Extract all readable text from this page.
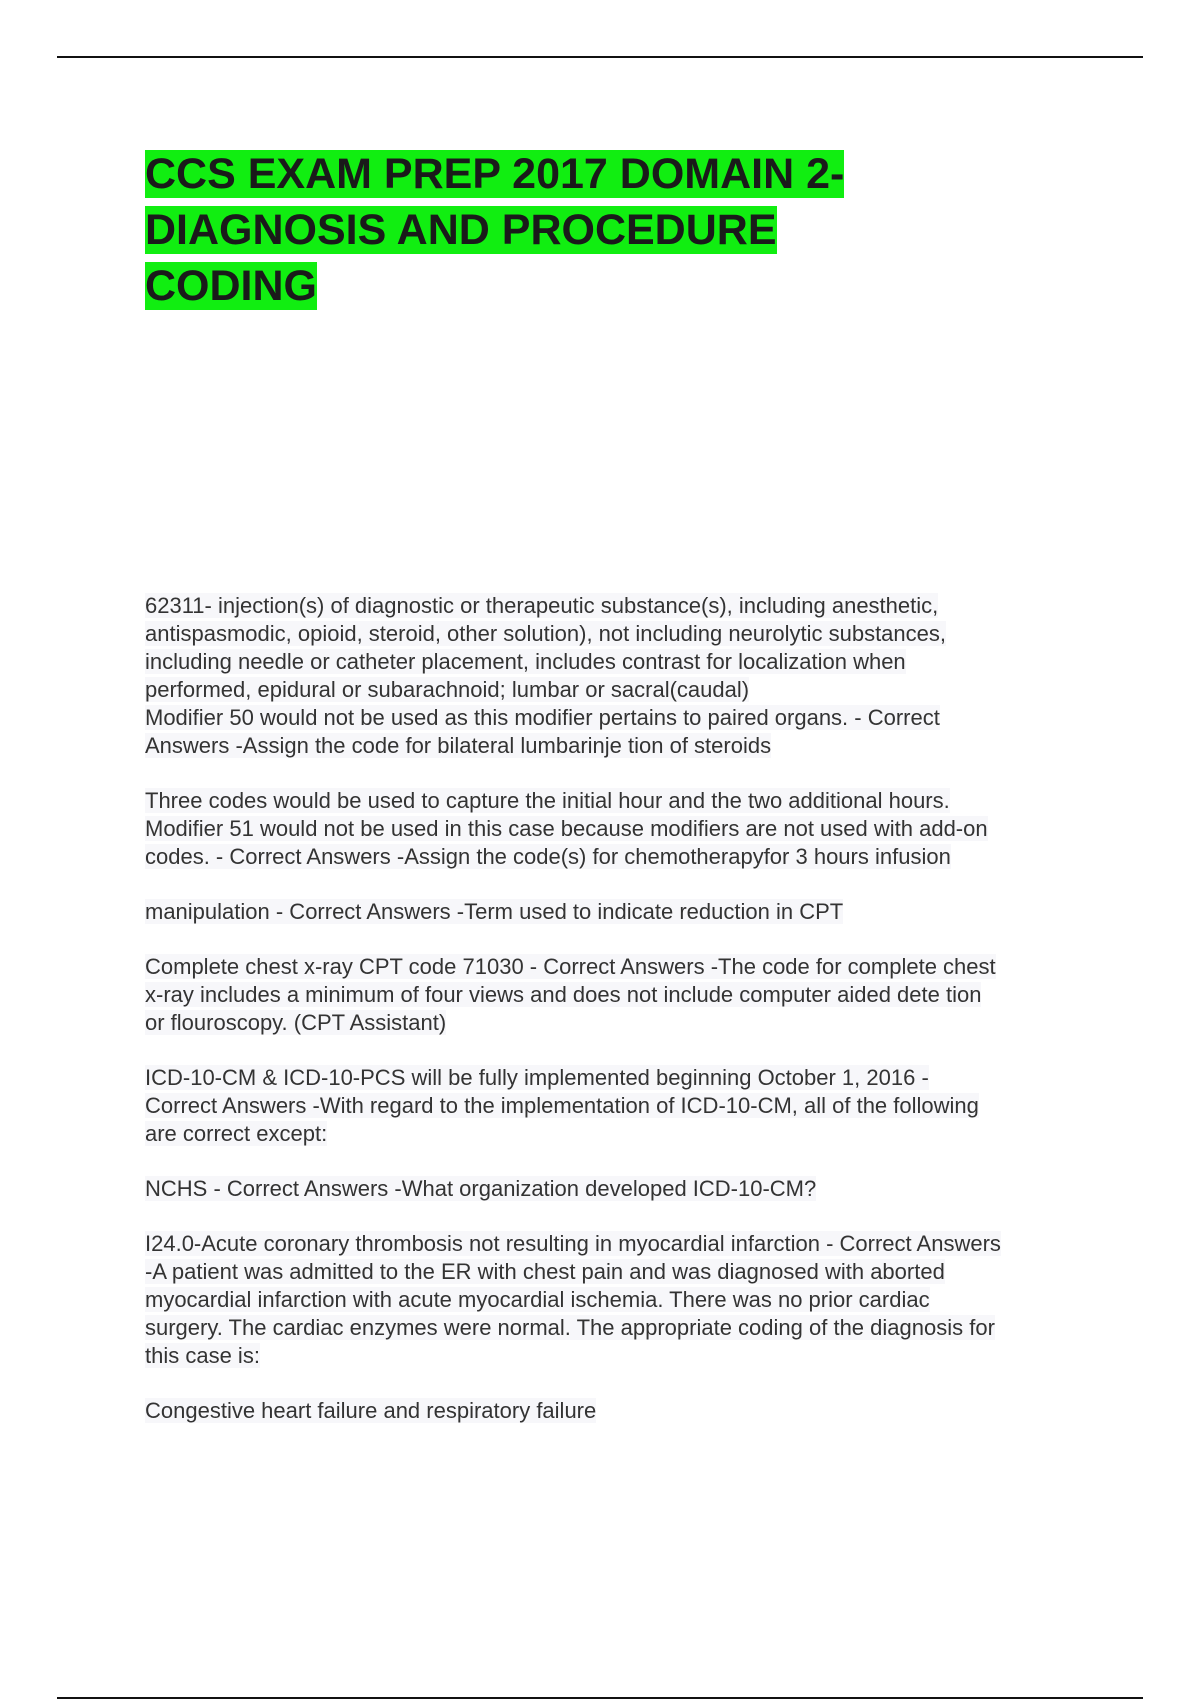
CCS EXAM PREP 2017 DOMAIN 2-
DIAGNOSIS AND PROCEDURE
CODING

62311- injection(s) of diagnostic or therapeutic substance(s), including anesthetic,
antispasmodic, opioid, steroid, other solution), not including neurolytic substances,
including needle or catheter placement, includes contrast for localization when
performed, epidural or subarachnoid; lumbar or sacral(caudal)
Modifier 50 would not be used as this modifier pertains to paired organs. - Correct
Answers -Assign the code for bilateral lumbarinje tion of steroids

Three codes would be used to capture the initial hour and the two additional hours.
Modifier 51 would not be used in this case because modifiers are not used with add-on
codes. - Correct Answers -Assign the code(s) for chemotherapyfor 3 hours infusion

manipulation - Correct Answers -Term used to indicate reduction in CPT

Complete chest x-ray CPT code 71030 - Correct Answers -The code for complete chest
x-ray includes a minimum of four views and does not include computer aided dete tion
or flouroscopy. (CPT Assistant)

ICD-10-CM & ICD-10-PCS will be fully implemented beginning October 1, 2016 -
Correct Answers -With regard to the implementation of ICD-10-CM, all of the following
are correct except:

NCHS - Correct Answers -What organization developed ICD-10-CM?

I24.0-Acute coronary thrombosis not resulting in myocardial infarction - Correct Answers
-A patient was admitted to the ER with chest pain and was diagnosed with aborted
myocardial infarction with acute myocardial ischemia. There was no prior cardiac
surgery. The cardiac enzymes were normal. The appropriate coding of the diagnosis for
this case is:

Congestive heart failure and respiratory failure
